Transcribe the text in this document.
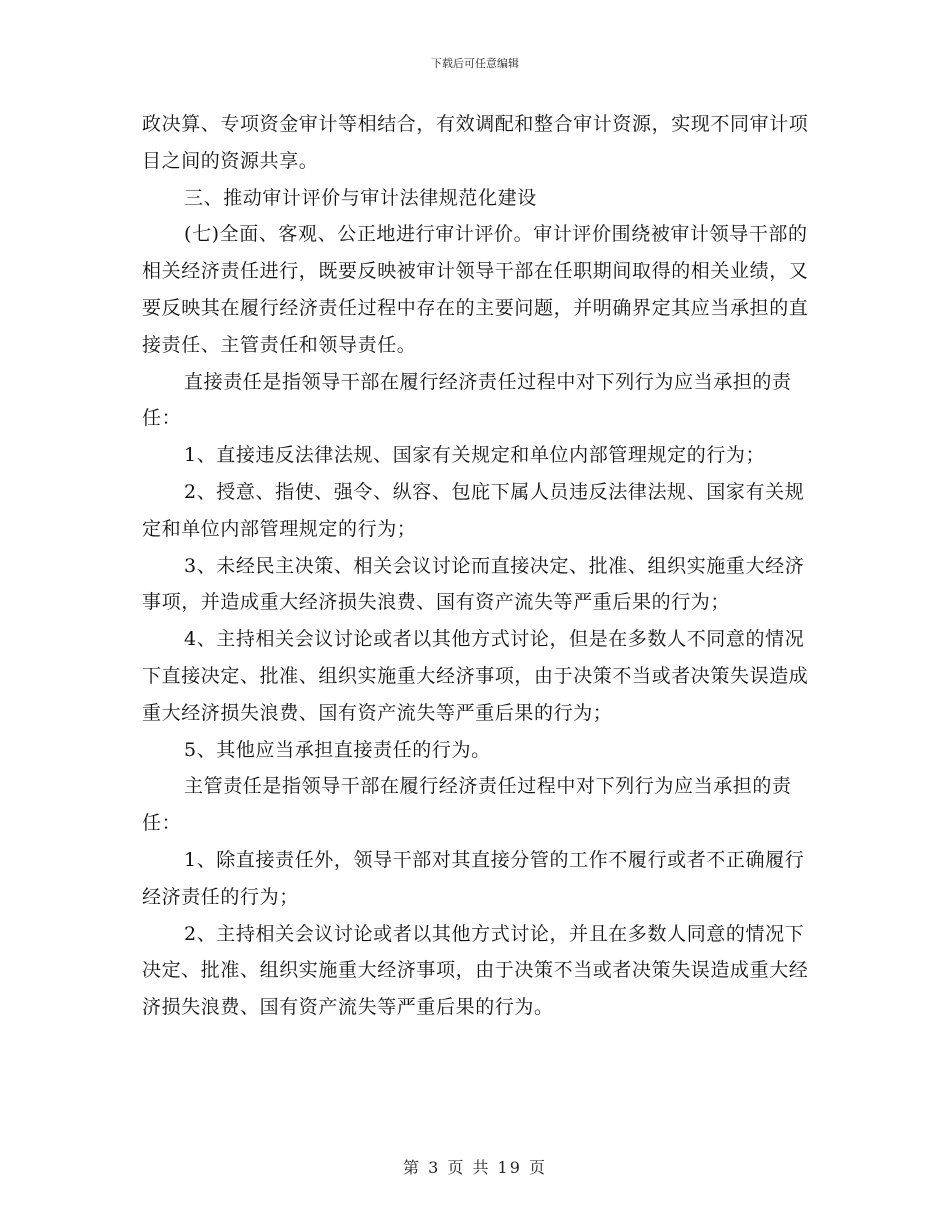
下载后可任意编辑

政决算、专项资金审计等相结合，有效调配和整合审计资源，实现不同审计项目之间的资源共享。

三、推动审计评价与审计法律规范化建设

(七)全面、客观、公正地进行审计评价。审计评价围绕被审计领导干部的相关经济责任进行，既要反映被审计领导干部在任职期间取得的相关业绩，又要反映其在履行经济责任过程中存在的主要问题，并明确界定其应当承担的直接责任、主管责任和领导责任。

直接责任是指领导干部在履行经济责任过程中对下列行为应当承担的责任：

1、直接违反法律法规、国家有关规定和单位内部管理规定的行为；

2、授意、指使、强令、纵容、包庇下属人员违反法律法规、国家有关规定和单位内部管理规定的行为；

3、未经民主决策、相关会议讨论而直接决定、批准、组织实施重大经济事项，并造成重大经济损失浪费、国有资产流失等严重后果的行为；

4、主持相关会议讨论或者以其他方式讨论，但是在多数人不同意的情况下直接决定、批准、组织实施重大经济事项，由于决策不当或者决策失误造成重大经济损失浪费、国有资产流失等严重后果的行为；

5、其他应当承担直接责任的行为。

主管责任是指领导干部在履行经济责任过程中对下列行为应当承担的责任：

1、除直接责任外，领导干部对其直接分管的工作不履行或者不正确履行经济责任的行为；

2、主持相关会议讨论或者以其他方式讨论，并且在多数人同意的情况下决定、批准、组织实施重大经济事项，由于决策不当或者决策失误造成重大经济损失浪费、国有资产流失等严重后果的行为。

第 3 页 共 19 页
